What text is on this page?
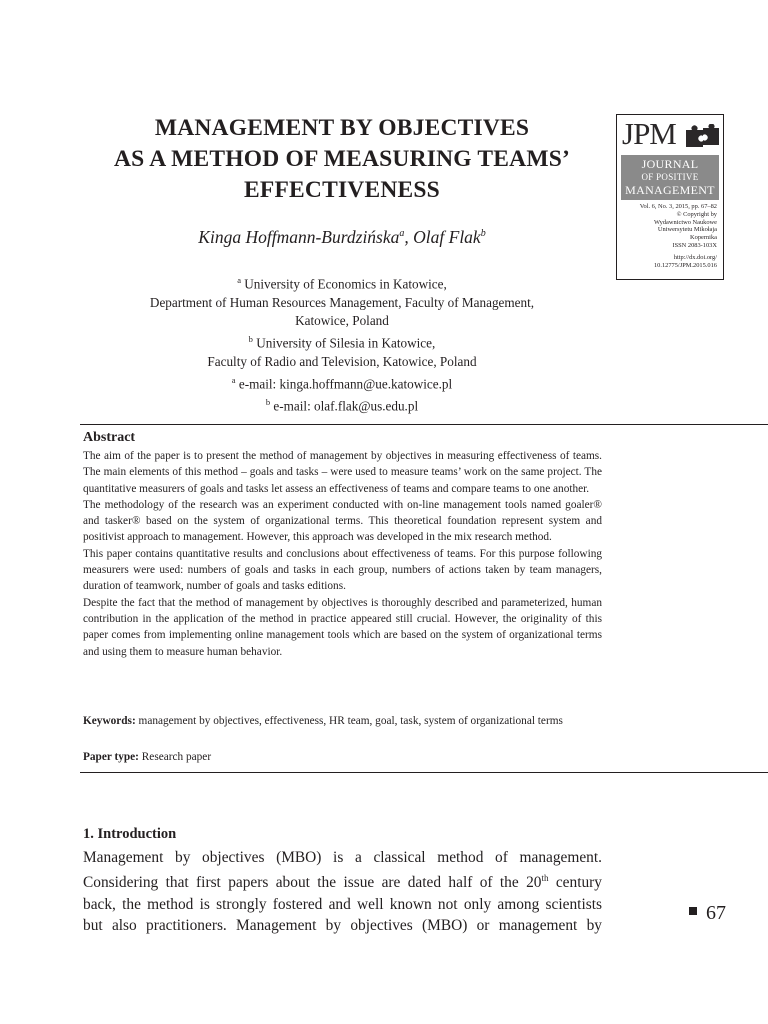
MANAGEMENT BY OBJECTIVES
AS A METHOD OF MEASURING TEAMS’
EFFECTIVENESS
Kinga Hoffmann-Burdzińska$^a$, Olaf Flak$^b$
$^a$ University of Economics in Katowice,
Department of Human Resources Management, Faculty of Management,
Katowice, Poland
$^b$ University of Silesia in Katowice,
Faculty of Radio and Television, Katowice, Poland
$^a$ e-mail: kinga.hoffmann@ue.katowice.pl
$^b$ e-mail: olaf.flak@us.edu.pl
JPM
JOURNAL
OF POSITIVE
MANAGEMENT
Vol. 6, No. 3, 2015, pp. 67–82
© Copyright by
Wydawnictwo Naukowe
Uniwersytetu Mikołaja
Kopernika
ISSN 2083-103X
http://dx.doi.org/
10.12775/JPM.2015.016
Abstract

The aim of the paper is to present the method of management by objectives in measuring effectiveness of teams. The main elements of this method – goals and tasks – were used to measure teams’ work on the same project. The quantitative measurers of goals and tasks let assess an effectiveness of teams and compare teams to one another.

The methodology of the research was an experiment conducted with on-line management tools named goaler® and tasker® based on the system of organizational terms. This theoretical foundation represent system and positivist approach to management. However, this approach was developed in the mix research method.

This paper contains quantitative results and conclusions about effectiveness of teams. For this purpose following measurers were used: numbers of goals and tasks in each group, numbers of actions taken by team managers, duration of teamwork, number of goals and tasks editions.

Despite the fact that the method of management by objectives is thoroughly described and parameterized, human contribution in the application of the method in practice appeared still crucial. However, the originality of this paper comes from implementing online management tools which are based on the system of organizational terms and using them to measure human behavior.

Keywords: management by objectives, effectiveness, HR team, goal, task, system of organizational terms
Paper type: Research paper
1. Introduction
Management by objectives (MBO) is a classical method of management.
Considering that first papers about the issue are dated half of the 20th century
back, the method is strongly fostered and well known not only among scientists
but also practitioners. Management by objectives (MBO) or management by
67
